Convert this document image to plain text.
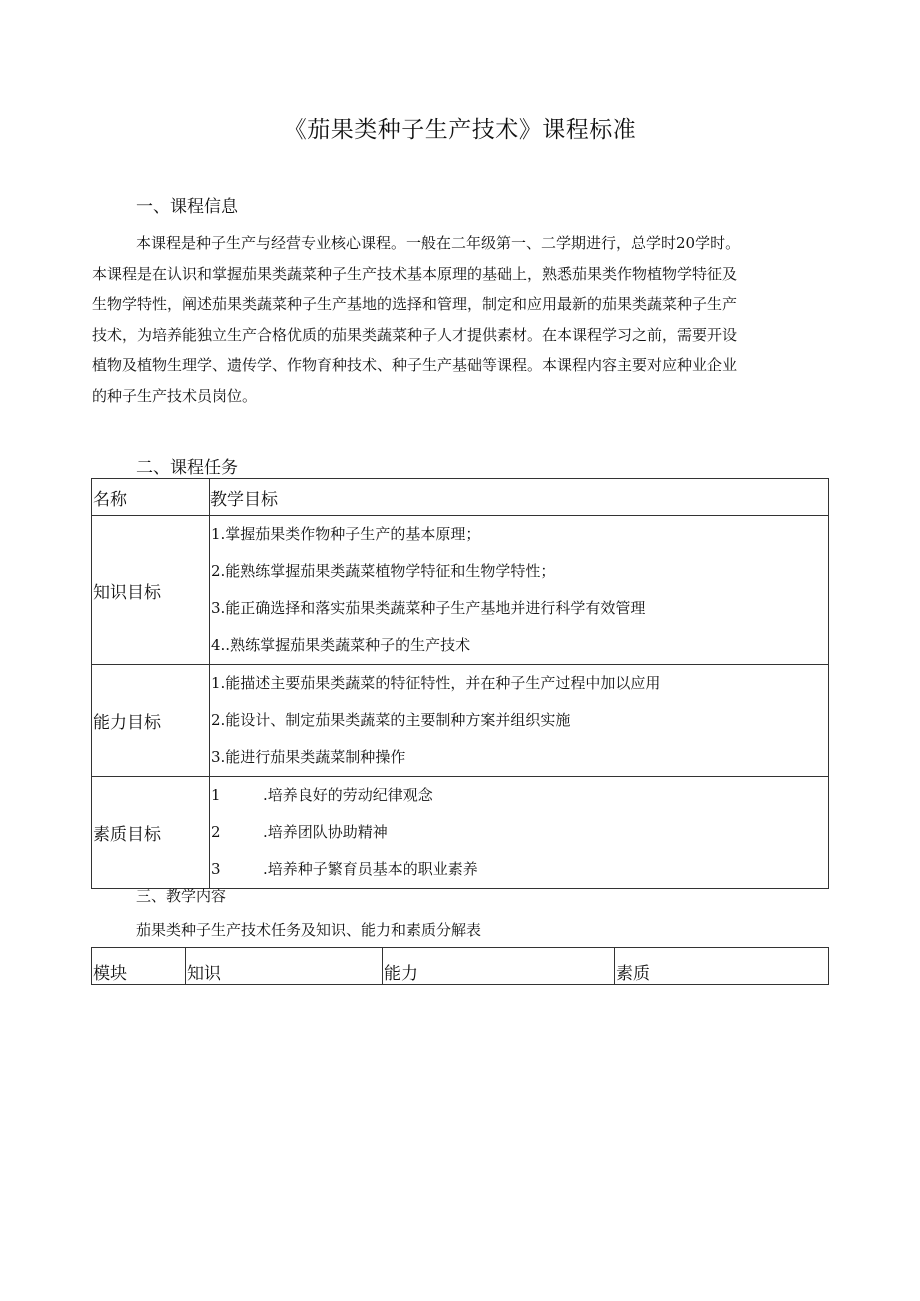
《茄果类种子生产技术》课程标准
一、课程信息

本课程是种子生产与经营专业核心课程。一般在二年级第一、二学期进行，总学时20学时。

本课程是在认识和掌握茄果类蔬菜种子生产技术基本原理的基础上，熟悉茄果类作物植物学特征及

生物学特性，阐述茄果类蔬菜种子生产基地的选择和管理，制定和应用最新的茄果类蔬菜种子生产

技术，为培养能独立生产合格优质的茄果类蔬菜种子人才提供素材。在本课程学习之前，需要开设

植物及植物生理学、遗传学、作物育种技术、种子生产基础等课程。本课程内容主要对应种业企业

的种子生产技术员岗位。

二、课程任务
名称	教学目标
知识目标	1.掌握茄果类作物种子生产的基本原理；
2.能熟练掌握茄果类蔬菜植物学特征和生物学特性；
3.能正确选择和落实茄果类蔬菜种子生产基地并进行科学有效管理
4..熟练掌握茄果类蔬菜种子的生产技术

能力目标	1.能描述主要茄果类蔬菜的特征特性，并在种子生产过程中加以应用
2.能设计、制定茄果类蔬菜的主要制种方案并组织实施
3.能进行茄果类蔬菜制种操作

素质目标	1 .培养良好的劳动纪律观念
2 .培养团队协助精神
3 .培养种子繁育员基本的职业素养
三、教学内容
茄果类种子生产技术任务及知识、能力和素质分解表
模块	知识	能力	素质
